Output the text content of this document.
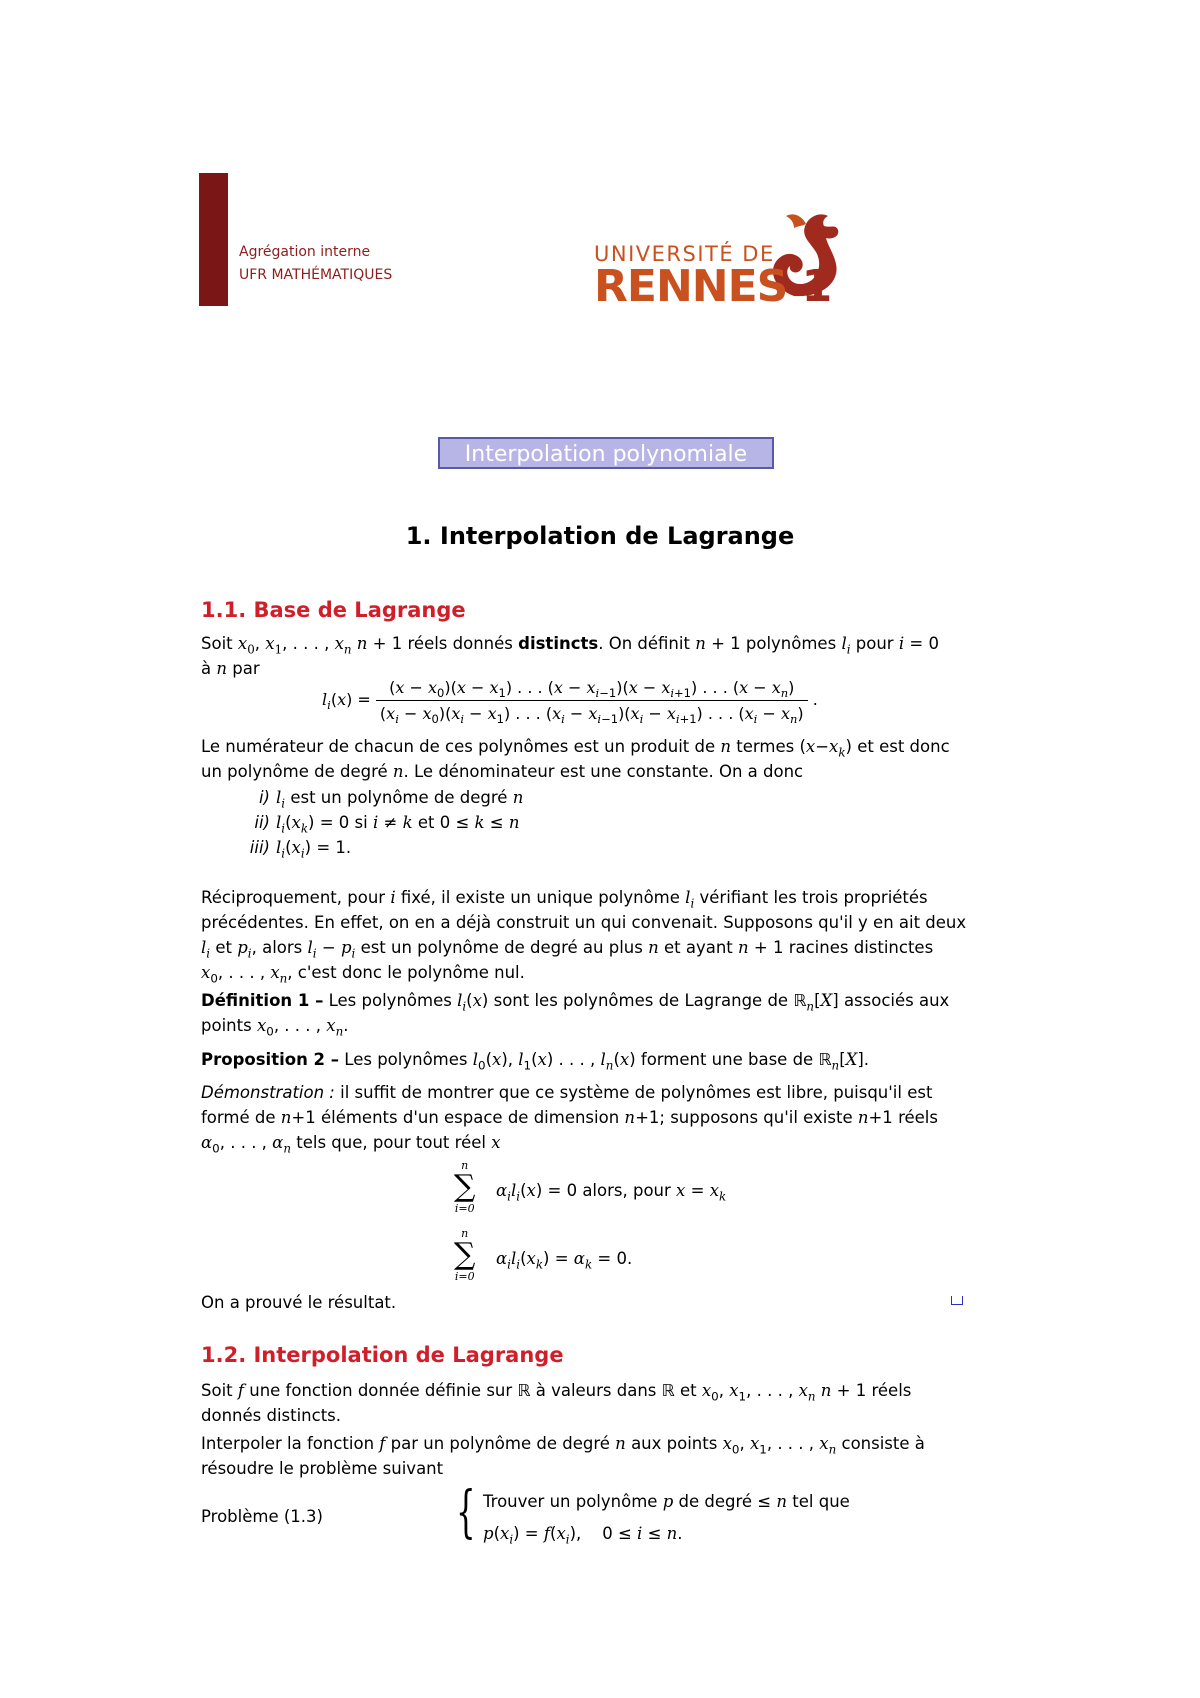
Agrégation interne
UFR MATHÉMATIQUES
UNIVERSITÉ DE
RENNES 1
Interpolation polynomiale
1. Interpolation de Lagrange
1.1. Base de Lagrange
Soit $x_0$, $x_1$, . . . , $x_n$ n + 1 réels donnés distincts. On définit n + 1 polynômes $l_i$ pour i = 0
à n par
$l_i(x)$ =
$(x - x_0)(x - x_1)$ . . . $(x - x_{i-1})(x - x_{i+1})$ . . . $(x - x_n)$
$(x_i - x_0)(x_i - x_1)$ . . . $(x_i - x_{i-1})(x_i - x_{i+1})$ . . . $(x_i - x_n)$
.
Le numérateur de chacun de ces polynômes est un produit de n termes $(x-x_k)$ et est donc
un polynôme de degré n. Le dénominateur est une constante. On a donc
i) $l_i$ est un polynôme de degré n
ii) $l_i(x_k) = 0$ si i ≠ k et 0 ≤ k ≤ n
iii) $l_i(x_i) = 1$.
Réciproquement, pour i fixé, il existe un unique polynôme $l_i$ vérifiant les trois propriétés
précédentes. En effet, on en a déjà construit un qui convenait. Supposons qu'il y en ait deux
$l_i$ et $p_i$, alors $l_i - p_i$ est un polynôme de degré au plus n et ayant n + 1 racines distinctes
$x_0$, . . . , $x_n$, c'est donc le polynôme nul.
Définition 1 – Les polynômes $l_i(x)$ sont les polynômes de Lagrange de ℝ$_n$[X] associés aux
points $x_0$, . . . , $x_n$.
Proposition 2 – Les polynômes $l_0(x)$, $l_1(x)$ . . . , $l_n(x)$ forment une base de ℝ$_n$[X].
Démonstration : il suffit de montrer que ce système de polynômes est libre, puisqu'il est
formé de n+1 éléments d'un espace de dimension n+1; supposons qu'il existe n+1 réels
$\alpha_0$, . . . , $\alpha_n$ tels que, pour tout réel x
n
∑
i=0
$\alpha_il_i(x) = 0$ alors, pour $x = x_k$
n
∑
i=0
$\alpha_il_i(x_k) = \alpha_k = 0$.
On a prouvé le résultat.
1.2. Interpolation de Lagrange
Soit f une fonction donnée définie sur ℝ à valeurs dans ℝ et $x_0$, $x_1$, . . . , $x_n$ n + 1 réels
donnés distincts.
Interpoler la fonction f par un polynôme de degré n aux points $x_0$, $x_1$, . . . , $x_n$ consiste à
résoudre le problème suivant
Problème (1.3) { Trouver un polynôme p de degré ≤ n tel que
$p(x_i) = f(x_i)$,    0 ≤ i ≤ n.
